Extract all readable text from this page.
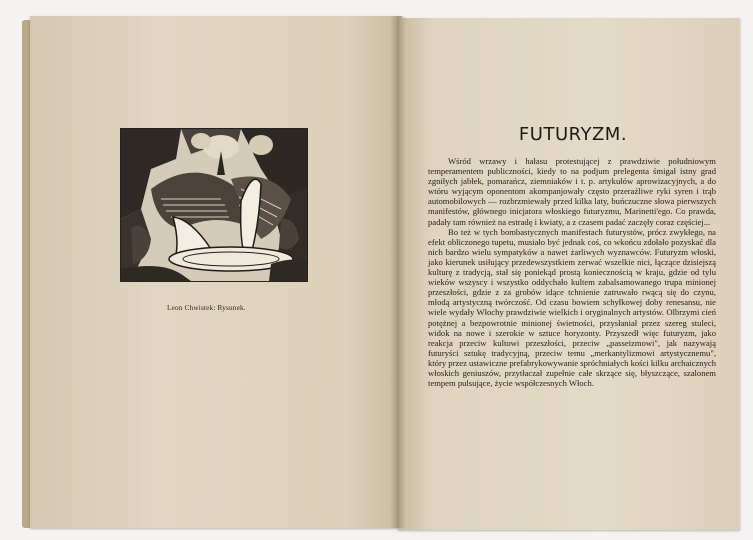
Leon Chwistek: Rysunek.
FUTURYZM.

Wśród wrzawy i hałasu protestującej z prawdziwie południowym temperamentem publiczności, kiedy to na podjum prelegenta śmigał istny grad zgniłych jabłek, pomarańcz, ziemniaków i t. p. artykułów aprowizacyjnych, a do wtóru wyjącym oponentom akompanjowały często przeraźliwe ryki syren i trąb automobilowych — rozbrzmiewały przed kilka laty, buńczuczne słowa pierwszych manifestów, głównego inicjatora włoskiego futuryzmu, Marinetti'ego. Co prawda, padały tam również na estradę i kwiaty, a z czasem padać zaczęły coraz częściej...

Bo też w tych bombastycznych manifestach futurystów, prócz zwykłego, na efekt obliczonego tupetu, musiało być jednak coś, co wkońcu zdołało pozyskać dla nich bardzo wielu sympatyków a nawet żarliwych wyznawców. Futuryzm włoski, jako kierunek usiłujący przedewszystkiem zerwać wszelkie nici, łączące dzisiejszą kulturę z tradycją, stał się poniekąd prostą koniecznością w kraju, gdzie od tylu wieków wszyscy i wszystko oddychało kultem zabalsamowanego trupa minionej przeszłości, gdzie z za grobów idące tchnienie zatruwało rwącą się do czynu, młodą artystyczną twórczość. Od czasu bowiem schyłkowej doby renesansu, nie wiele wydały Włochy prawdziwie wielkich i oryginalnych artystów. Olbrzymi cień potężnej a bezpowrotnie minionej świetności, przysłaniał przez szereg stuleci, widok na nowe i szerokie w sztuce horyzonty. Przyszedł więc futuryzm, jako reakcja przeciw kultowi przeszłości, przeciw „passeizmowi", jak nazywają futuryści sztukę tradycyjną, przeciw temu „merkantylizmowi artystycznemu", który przez ustawiczne prefabrykowywanie spróchniałych kości kilku archaicznych włoskich geniuszów, przytłaczał zupełnie całe skrzące się, błyszczące, szalonem tempem pulsujące, życie współczesnych Włoch.
